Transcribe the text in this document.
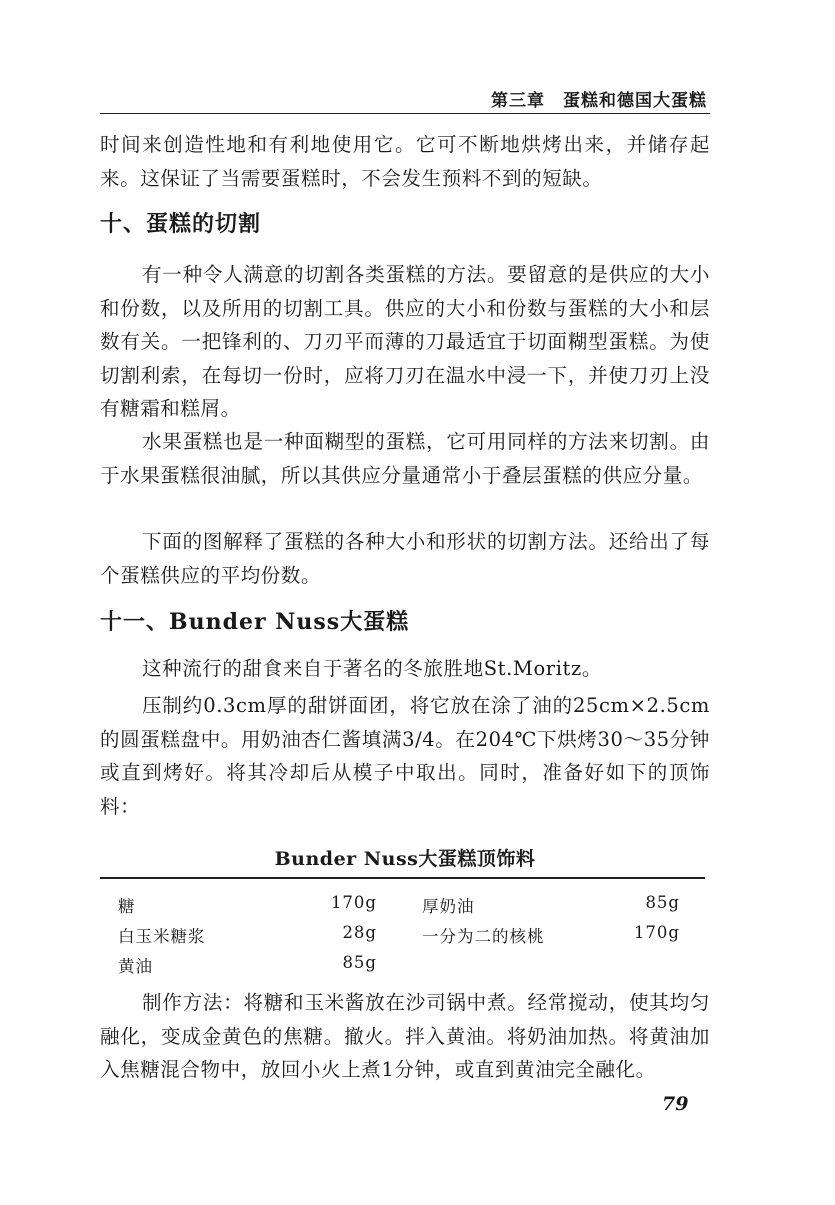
第三章　蛋糕和德国大蛋糕

时间来创造性地和有利地使用它。它可不断地烘烤出来，并储存起来。这保证了当需要蛋糕时，不会发生预料不到的短缺。

十、蛋糕的切割

有一种令人满意的切割各类蛋糕的方法。要留意的是供应的大小和份数，以及所用的切割工具。供应的大小和份数与蛋糕的大小和层数有关。一把锋利的、刀刃平而薄的刀最适宜于切面糊型蛋糕。为使切割利索，在每切一份时，应将刀刃在温水中浸一下，并使刀刃上没有糖霜和糕屑。

水果蛋糕也是一种面糊型的蛋糕，它可用同样的方法来切割。由于水果蛋糕很油腻，所以其供应分量通常小于叠层蛋糕的供应分量。

下面的图解释了蛋糕的各种大小和形状的切割方法。还给出了每个蛋糕供应的平均份数。

十一、Bunder Nuss大蛋糕

这种流行的甜食来自于著名的冬旅胜地St.Moritz。

压制约0.3cm厚的甜饼面团，将它放在涂了油的25cm×2.5cm的圆蛋糕盘中。用奶油杏仁酱填满3/4。在204℃下烘烤30～35分钟或直到烤好。将其冷却后从模子中取出。同时，准备好如下的顶饰料：

Bunder Nuss大蛋糕顶饰料
糖	170g
白玉米糖浆	28g
黄油	85g
厚奶油	85g
一分为二的核桃	170g

制作方法：将糖和玉米酱放在沙司锅中煮。经常搅动，使其均匀融化，变成金黄色的焦糖。撤火。拌入黄油。将奶油加热。将黄油加入焦糖混合物中，放回小火上煮1分钟，或直到黄油完全融化。

79
